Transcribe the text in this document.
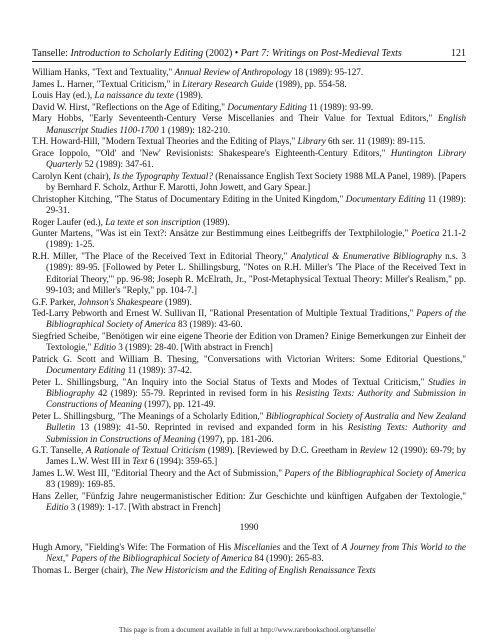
Tanselle: Introduction to Scholarly Editing (2002) • Part 7: Writings on Post-Medieval Texts	121
William Hanks, "Text and Textuality," Annual Review of Anthropology 18 (1989): 95-127.
James L. Harner, "Textual Criticism," in Literary Research Guide (1989), pp. 554-58.
Louis Hay (ed.), La naissance du texte (1989).
David W. Hirst, "Reflections on the Age of Editing," Documentary Editing 11 (1989): 93-99.
Mary Hobbs, "Early Seventeenth-Century Verse Miscellanies and Their Value for Textual Editors," English Manuscript Studies 1100-1700 1 (1989): 182-210.
T.H. Howard-Hill, "Modern Textual Theories and the Editing of Plays," Library 6th ser. 11 (1989): 89-115.
Grace Ioppolo, "'Old' and 'New' Revisionists: Shakespeare's Eighteenth-Century Editors," Huntington Library Quarterly 52 (1989): 347-61.
Carolyn Kent (chair), Is the Typography Textual? (Renaissance English Text Society 1988 MLA Panel, 1989). [Papers by Bernhard F. Scholz, Arthur F. Marotti, John Jowett, and Gary Spear.]
Christopher Kitching, "The Status of Documentary Editing in the United Kingdom," Documentary Editing 11 (1989): 29-31.
Roger Laufer (ed.), La texte et son inscription (1989).
Gunter Martens, "Was ist ein Text?: Ansätze zur Bestimmung eines Leitbegriffs der Textphilologie," Poetica 21.1-2 (1989): 1-25.
R.H. Miller, "The Place of the Received Text in Editorial Theory," Analytical & Enumerative Bibliography n.s. 3 (1989): 89-95. [Followed by Peter L. Shillingsburg, "Notes on R.H. Miller's 'The Place of the Received Text in Editorial Theory,'" pp. 96-98; Joseph R. McElrath, Jr., "Post-Metaphysical Textual Theory: Miller's Realism," pp. 99-103; and Miller's "Reply," pp. 104-7.]
G.F. Parker, Johnson's Shakespeare (1989).
Ted-Larry Pebworth and Ernest W. Sullivan II, "Rational Presentation of Multiple Textual Traditions," Papers of the Bibliographical Society of America 83 (1989): 43-60.
Siegfried Scheibe, "Benötigen wir eine eigene Theorie der Edition von Dramen? Einige Bemerkungen zur Einheit der Textologie," Editio 3 (1989): 28-40. [With abstract in French]
Patrick G. Scott and William B. Thesing, "Conversations with Victorian Writers: Some Editorial Questions," Documentary Editing 11 (1989): 37-42.
Peter L. Shillingsburg, "An Inquiry into the Social Status of Texts and Modes of Textual Criticism," Studies in Bibliography 42 (1989): 55-79. Reprinted in revised form in his Resisting Texts: Authority and Submission in Constructions of Meaning (1997), pp. 121-49.
Peter L. Shillingsburg, "The Meanings of a Scholarly Edition," Bibliographical Society of Australia and New Zealand Bulletin 13 (1989): 41-50. Reprinted in revised and expanded form in his Resisting Texts: Authority and Submission in Constructions of Meaning (1997), pp. 181-206.
G.T. Tanselle, A Rationale of Textual Criticism (1989). [Reviewed by D.C. Greetham in Review 12 (1990): 69-79; by James L.W. West III in Text 6 (1994): 359-65.]
James L.W. West III, "Editorial Theory and the Act of Submission," Papers of the Bibliographical Society of America 83 (1989): 169-85.
Hans Zeller, "Fünfzig Jahre neugermanistischer Edition: Zur Geschichte und künftigen Aufgaben der Textologie," Editio 3 (1989): 1-17. [With abstract in French]
1990
Hugh Amory, "Fielding's Wife: The Formation of His Miscellanies and the Text of A Journey from This World to the Next," Papers of the Bibliographical Society of America 84 (1990): 265-83.
Thomas L. Berger (chair), The New Historicism and the Editing of English Renaissance Texts
This page is from a document available in full at http://www.rarebookschool.org/tanselle/
